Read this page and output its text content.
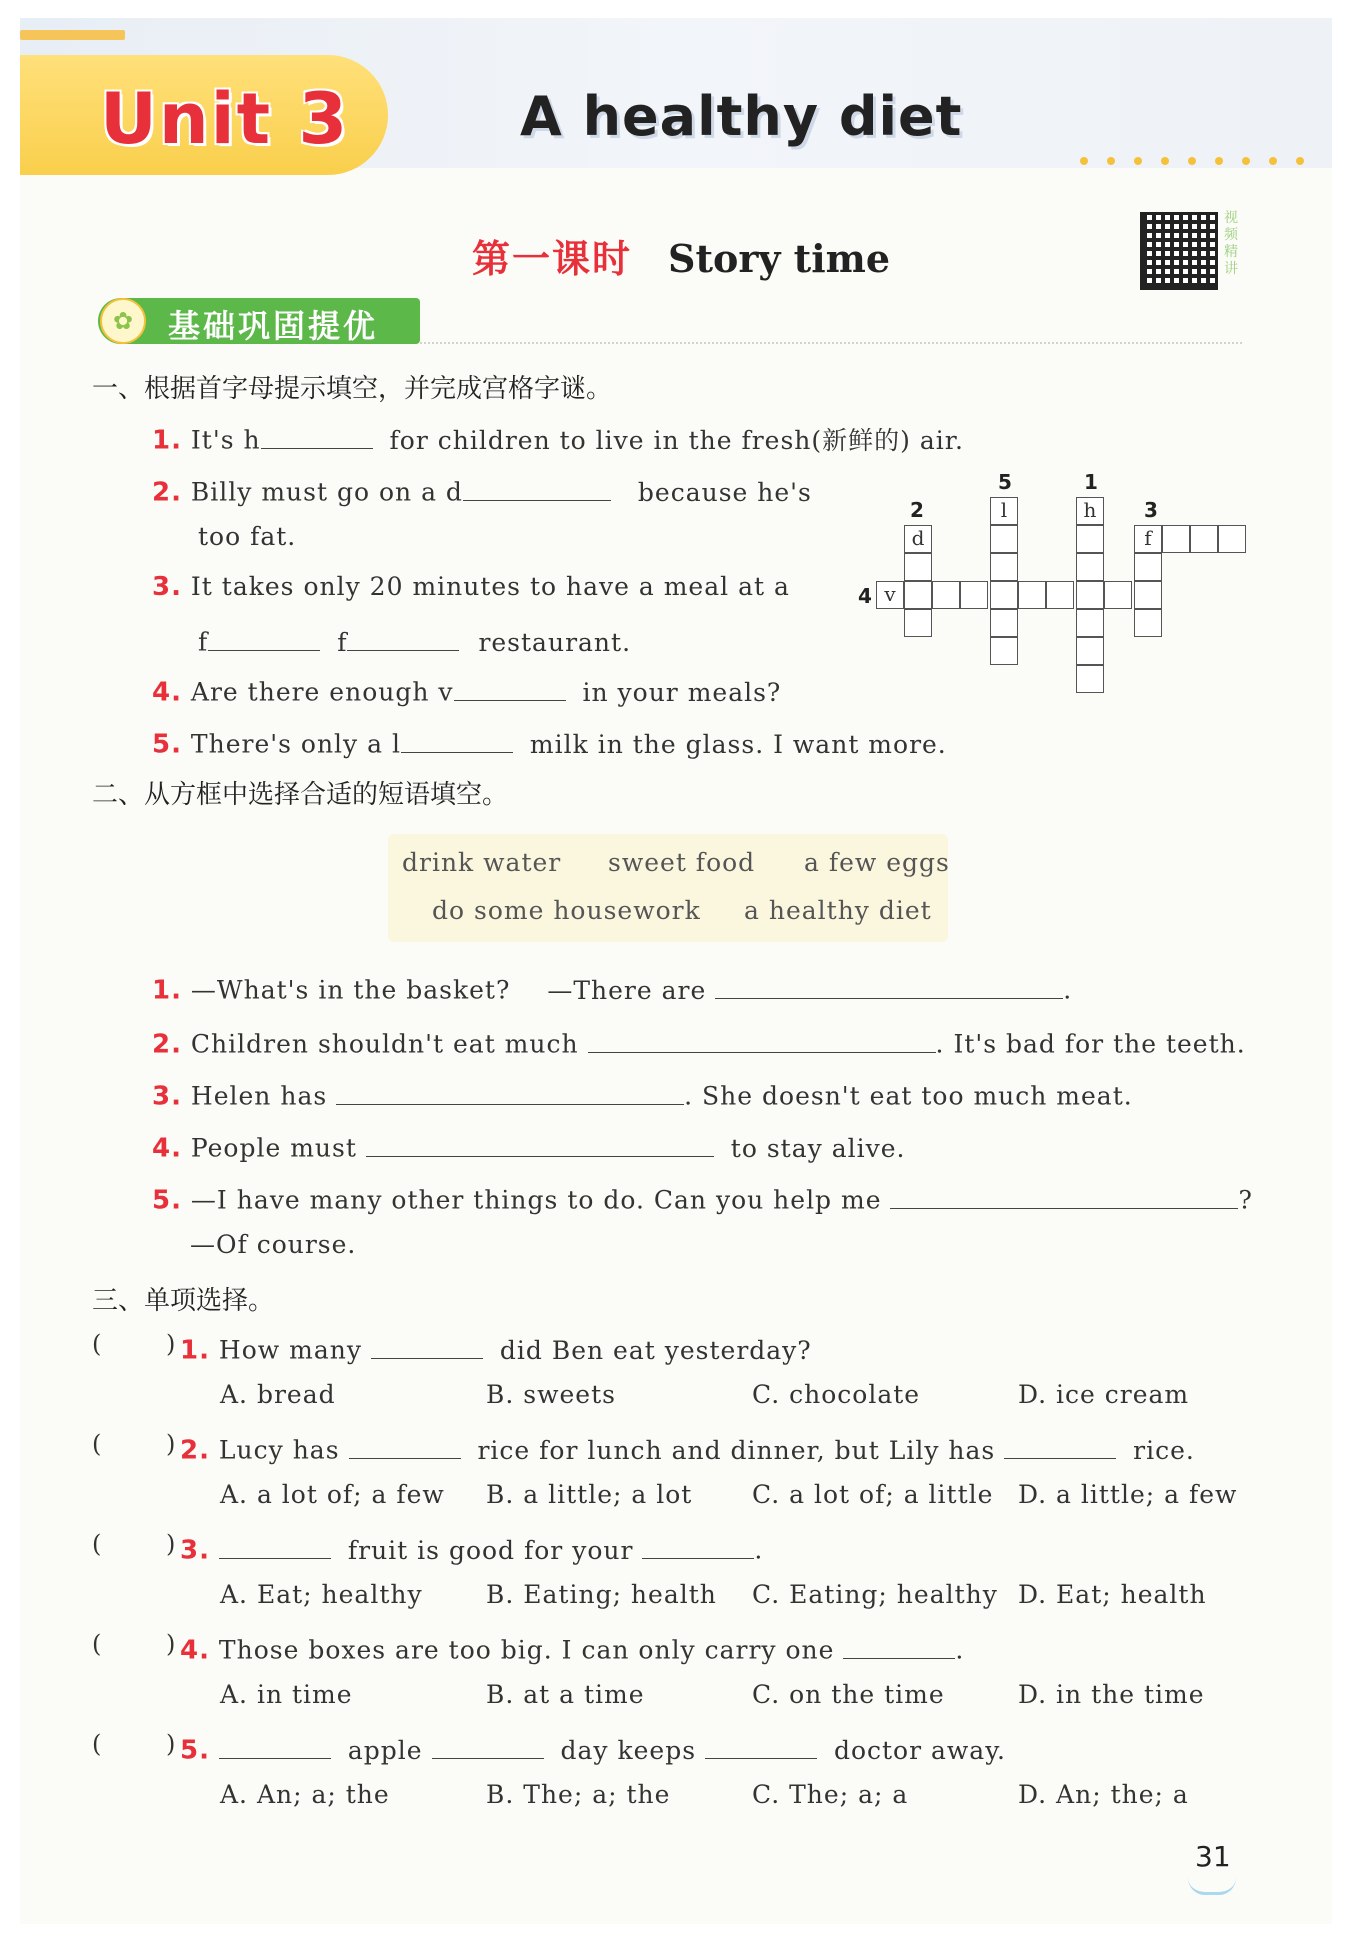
Unit 3	A healthy diet
第一课时 Story time
视频精讲
✿	基础巩固提优
一、根据首字母提示填空，并完成宫格字谜。
1. It's h	for children to live in the fresh(新鲜的) air.
2. Billy must go on a d	because he's
too fat.
3. It takes only 20 minutes to have a meal at a
f	f	restaurant.
4. Are there enough v	in your meals?
5. There's only a l	milk in the glass. I want more.
5	1
2	3
4
l	h
d	f
v
二、从方框中选择合适的短语填空。
drink water sweet food a few eggs
do some housework a healthy diet
1. —What's in the basket? —There are	.
2. Children shouldn't eat much	. It's bad for the teeth.
3. Helen has	. She doesn't eat too much meat.
4. People must	to stay alive.
5. —I have many other things to do. Can you help me	?
—Of course.
三、单项选择。
(	) 1. How many	did Ben eat yesterday?
A. bread	B. sweets	C. chocolate	D. ice cream
(	) 2. Lucy has	rice for lunch and dinner, but Lily has	rice.
A. a lot of; a few B. a little; a lot C. a lot of; a little D. a little; a few
(	) 3.	fruit is good for your	.
A. Eat; healthy	B. Eating; health C. Eating; healthy D. Eat; health
(	) 4. Those boxes are too big. I can only carry one	.
A. in time	B. at a time	C. on the time	D. in the time
(	) 5.	apple	day keeps	doctor away.
A. An; a; the	B. The; a; the	C. The; a; a	D. An; the; a
31
